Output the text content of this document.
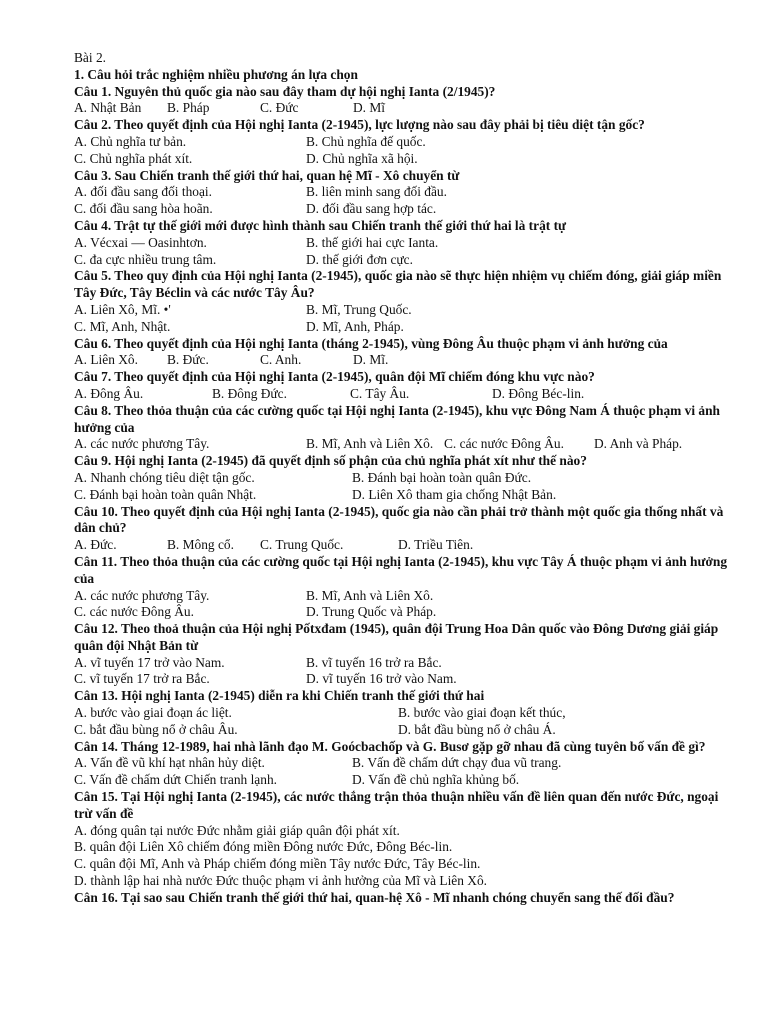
Bài 2.
1. Câu hỏi trắc nghiệm nhiều phương án lựa chọn
Câu 1. Nguyên thủ quốc gia nào sau đây tham dự hội nghị Ianta (2/1945)?
A. Nhật Bản	B. Pháp	C. Đức	D. Mĩ
Câu 2. Theo quyết định của Hội nghị Ianta (2-1945), lực lượng nào sau đây phải bị tiêu diệt tận gốc?
A. Chủ nghĩa tư bản.	B. Chủ nghĩa đế quốc.
C. Chủ nghĩa phát xít.	D. Chủ nghĩa xã hội.
Câu 3. Sau Chiến tranh thế giới thứ hai, quan hệ Mĩ - Xô chuyển từ
A. đối đầu sang đối thoại.	B. liên minh sang đối đầu.
C. đối đầu sang hòa hoãn.	D. đối đầu sang hợp tác.
Câu 4. Trật tự thế giới mới được hình thành sau Chiến tranh thế giới thứ hai là trật tự
A. Vécxai — Oasinhtơn.	B. thế giới hai cực Ianta.
C. đa cực nhiều trung tâm.	D. thế giới đơn cực.
Câu 5. Theo quy định của Hội nghị Ianta (2-1945), quốc gia nào sẽ thực hiện nhiệm vụ chiếm đóng, giải giáp miền Tây Đức, Tây Béclin và các nước Tây Âu?
A. Liên Xô, Mĩ. •'	B. Mĩ, Trung Quốc.
C. Mĩ, Anh, Nhật.	D. Mĩ, Anh, Pháp.
Câu 6. Theo quyết định của Hội nghị Ianta (tháng 2-1945), vùng Đông Âu thuộc phạm vi ảnh hưởng của
A. Liên Xô.	B. Đức.	C. Anh.	D. Mĩ.
Câu 7. Theo quyết định của Hội nghị Ianta (2-1945), quân đội Mĩ chiếm đóng khu vực nào?
A. Đông Âu.	B. Đông Đức.	C. Tây Âu.	D. Đông Béc-lin.
Câu 8. Theo thỏa thuận của các cường quốc tại Hội nghị Ianta (2-1945), khu vực Đông Nam Á thuộc phạm vi ảnh hưởng của
A. các nước phương Tây.	B. Mĩ, Anh và Liên Xô. C. các nước Đông Âu.	D. Anh và Pháp.
Câu 9. Hội nghị Ianta (2-1945) đã quyết định số phận của chủ nghĩa phát xít như thế nào?
A. Nhanh chóng tiêu diệt tận gốc.	B. Đánh bại hoàn toàn quân Đức.
C. Đánh bại hoàn toàn quân Nhật.	D. Liên Xô tham gia chống Nhật Bản.
Câu 10. Theo quyết định của Hội nghị Ianta (2-1945), quốc gia nào cần phải trở thành một quốc gia thống nhất và dân chủ?
A. Đức.	B. Mông cổ.	C. Trung Quốc.	D. Triều Tiên.
Cân 11. Theo thỏa thuận của các cường quốc tại Hội nghị Ianta (2-1945), khu vực Tây Á thuộc phạm vi ảnh hưởng của
A. các nước phương Tây.	B. Mĩ, Anh và Liên Xô.
C. các nước Đông Âu.	D. Trung Quốc và Pháp.
Câu 12. Theo thoả thuận của Hội nghị Pốtxđam (1945), quân đội Trung Hoa Dân quốc vào Đông Dương giải giáp quân đội Nhật Bản từ
A. vĩ tuyến 17 trở vào Nam.	B. vĩ tuyến 16 trở ra Bắc.
C. vĩ tuyến 17 trở ra Bắc.	D. vĩ tuyến 16 trở vào Nam.
Cân 13. Hội nghị Ianta (2-1945) diễn ra khi Chiến tranh thế giới thứ hai
A. bước vào giai đoạn ác liệt.	B. bước vào giai đoạn kết thúc,
C. bắt đầu bùng nổ ở châu Âu.	D. bắt đầu bùng nổ ở châu Á.
Cân 14. Tháng 12-1989, hai nhà lãnh đạo M. Goócbachốp và G. Busơ gặp gỡ nhau đã cùng tuyên bố vấn đề gì?
A. Vấn đề vũ khí hạt nhân hủy diệt.	B. Vấn đề chấm dứt chạy đua vũ trang.
C. Vấn đề chấm dứt Chiến tranh lạnh.	D. Vấn đề chủ nghĩa khủng bố.
Cân 15. Tại Hội nghị Ianta (2-1945), các nước thắng trận thỏa thuận nhiều vấn đề liên quan đến nước Đức, ngoại trừ vấn đề
A. đóng quân tại nước Đức nhằm giải giáp quân đội phát xít.
B. quân đội Liên Xô chiếm đóng miền Đông nước Đức, Đông Béc-lin.
C. quân đội Mĩ, Anh và Pháp chiếm đóng miền Tây nước Đức, Tây Béc-lin.
D. thành lập hai nhà nước Đức thuộc phạm vi ảnh hưởng của Mĩ và Liên Xô.
Cân 16. Tại sao sau Chiến tranh thế giới thứ hai, quan-hệ Xô - Mĩ nhanh chóng chuyển sang thế đối đầu?
